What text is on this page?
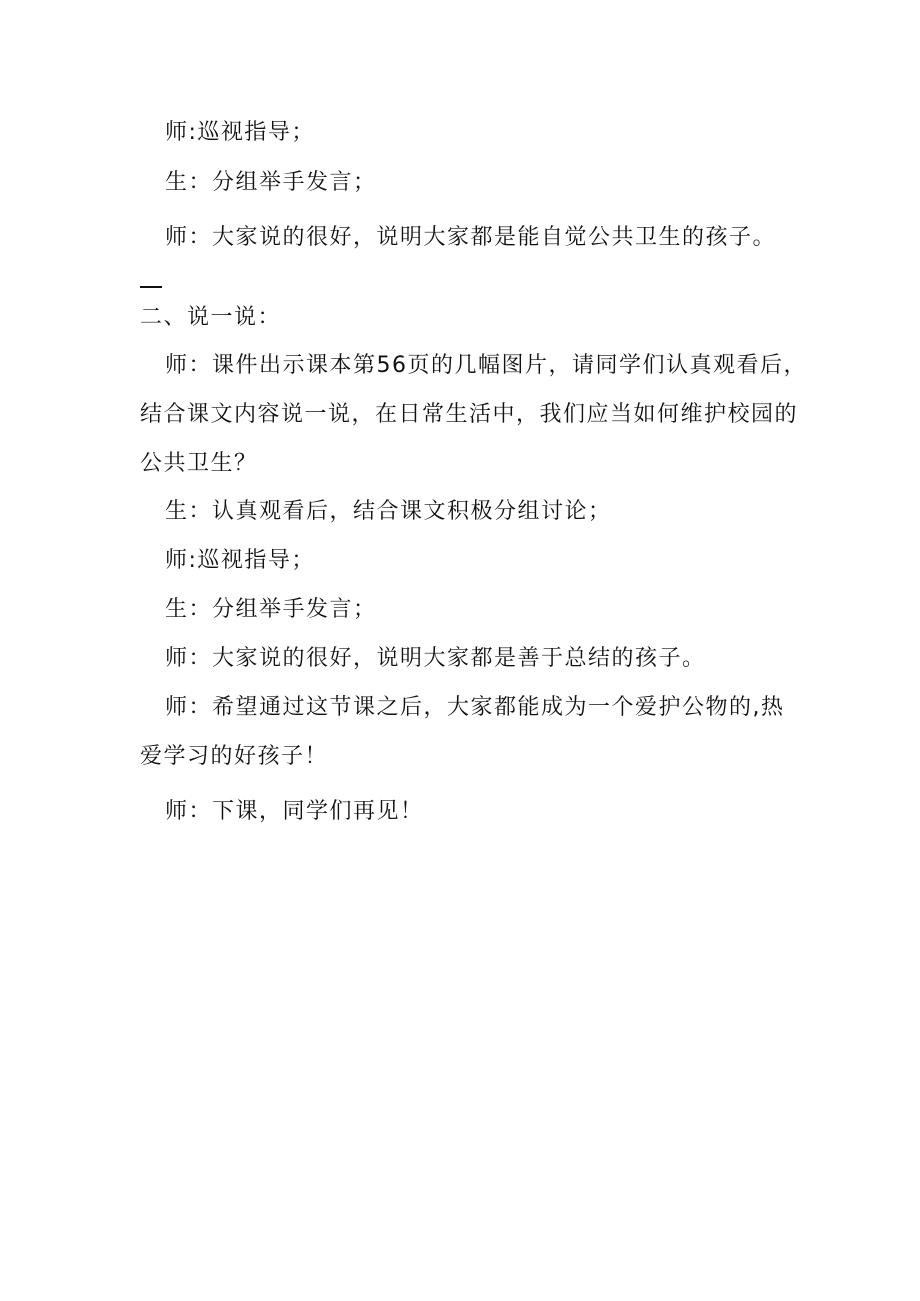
师:巡视指导；
生：分组举手发言；
师：大家说的很好，说明大家都是能自觉公共卫生的孩子。
二、说一说：
师：课件出示课本第56页的几幅图片，请同学们认真观看后，
结合课文内容说一说，在日常生活中，我们应当如何维护校园的
公共卫生？
生：认真观看后，结合课文积极分组讨论；
师:巡视指导；
生：分组举手发言；
师：大家说的很好，说明大家都是善于总结的孩子。
师：希望通过这节课之后，大家都能成为一个爱护公物的,热
爱学习的好孩子！
师：下课，同学们再见！
